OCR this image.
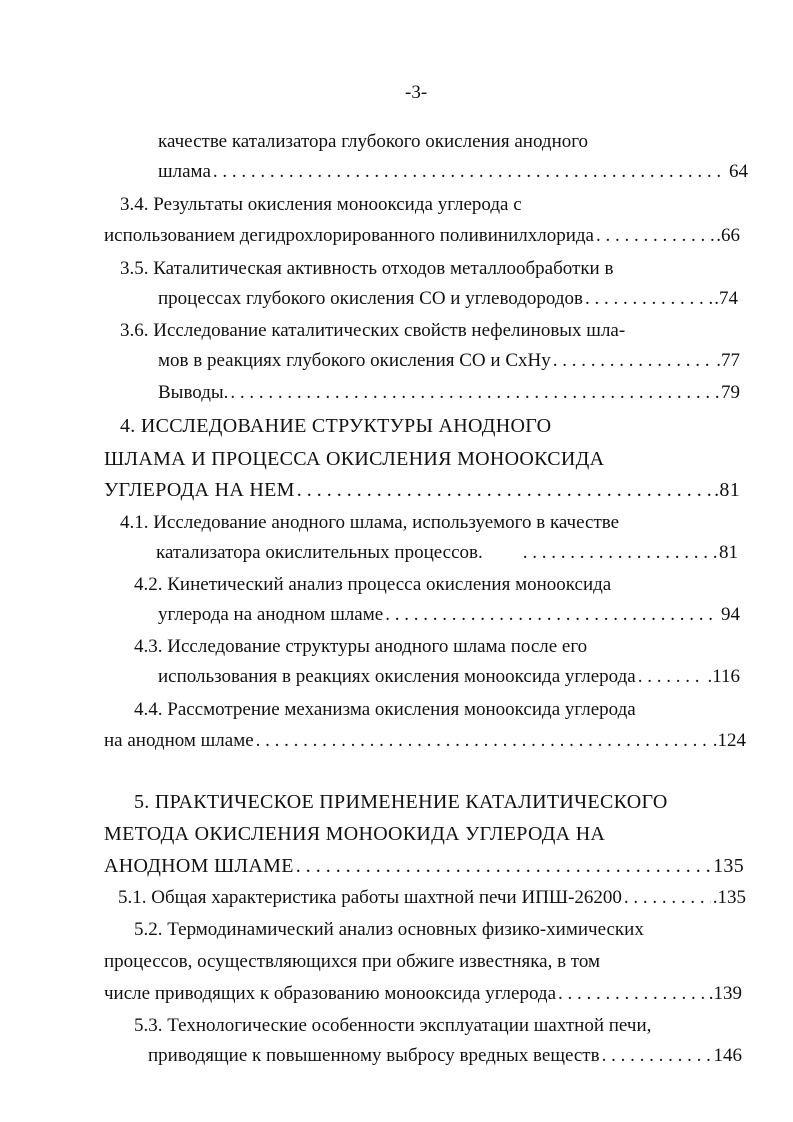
-3-
качестве катализатора глубокого окисления анодного
шлама . . .	64
3.4. Результаты окисления монооксида углерода с
использованием дегидрохлорированного поливинилхлорида . . .	.66
3.5. Каталитическая активность отходов металлообработки в
процессах глубокого окисления СО и углеводородов . . .	.74
3.6. Исследование каталитических свойств нефелиновых шла-
мов в реакциях глубокого окисления СО и СхНу . . .	.77
Выводы. . . .	79
4. ИССЛЕДОВАНИЕ СТРУКТУРЫ АНОДНОГО
ШЛАМА И ПРОЦЕССА ОКИСЛЕНИЯ МОНООКСИДА
УГЛЕРОДА НА НЕМ . . .	.81
4.1. Исследование анодного шлама, используемого в качестве
катализатора окислительных процессов. . . .	81
4.2. Кинетический анализ процесса окисления монооксида
углерода на анодном шламе . . .	94
4.3. Исследование структуры анодного шлама после его
использования в реакциях окисления монооксида углерода . . .	.116
4.4. Рассмотрение механизма окисления монооксида углерода
на анодном шламе . . .	.124
5. ПРАКТИЧЕСКОЕ ПРИМЕНЕНИЕ КАТАЛИТИЧЕСКОГО
МЕТОДА ОКИСЛЕНИЯ МОНООКИДА УГЛЕРОДА НА
АНОДНОМ ШЛАМЕ . . .	135
5.1. Общая характеристика работы шахтной печи ИПШ-26200 . . .	.135
5.2. Термодинамический анализ основных физико-химических
процессов, осуществляющихся при обжиге известняка, в том
числе приводящих к образованию монооксида углерода . . .	.139
5.3. Технологические особенности эксплуатации шахтной печи,
приводящие к повышенному выбросу вредных веществ . . .	146
